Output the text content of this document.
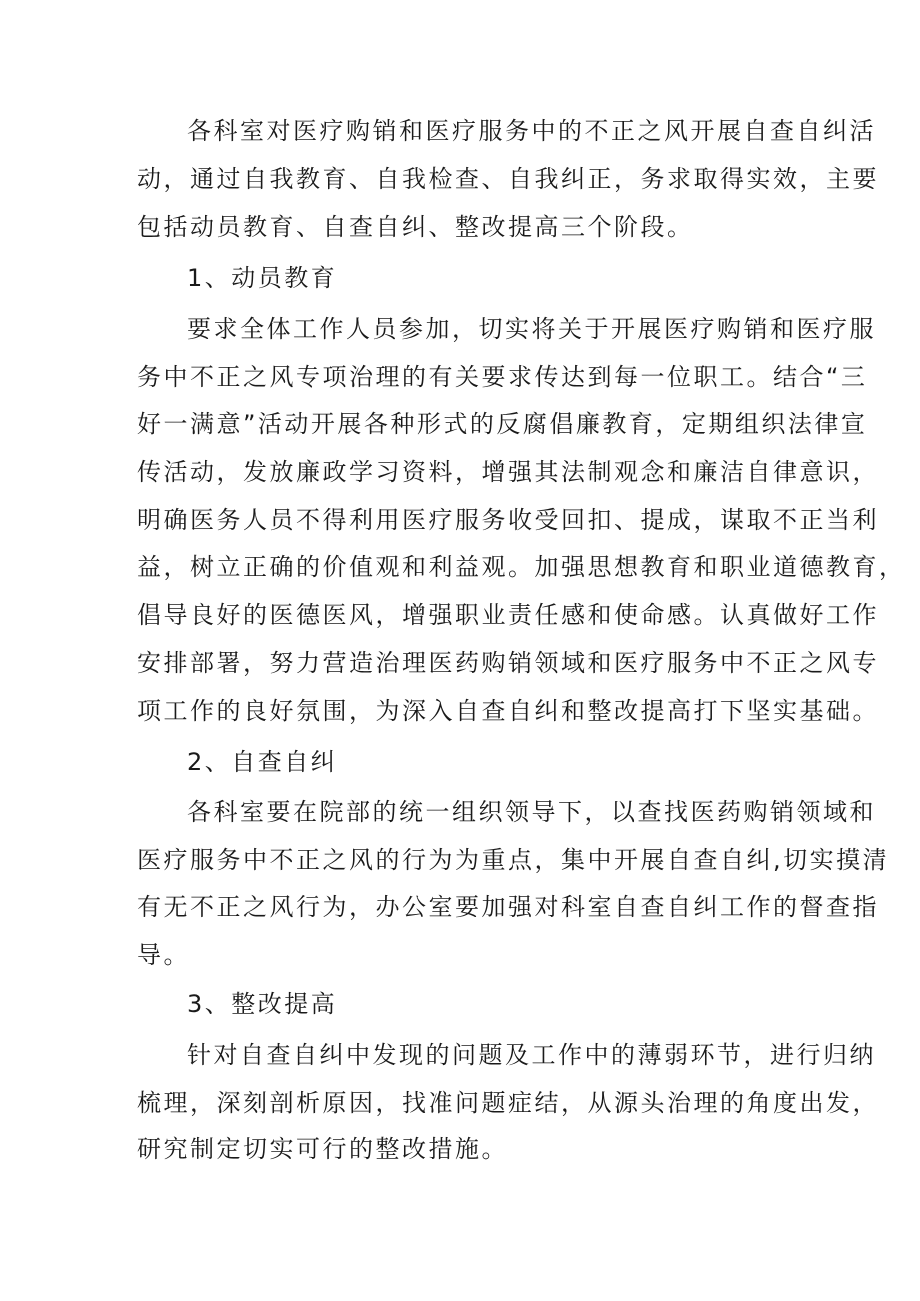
各科室对医疗购销和医疗服务中的不正之风开展自查自纠活
动，通过自我教育、自我检查、自我纠正，务求取得实效，主要
包括动员教育、自查自纠、整改提高三个阶段。
1、动员教育
要求全体工作人员参加，切实将关于开展医疗购销和医疗服
务中不正之风专项治理的有关要求传达到每一位职工。结合“三
好一满意”活动开展各种形式的反腐倡廉教育，定期组织法律宣
传活动，发放廉政学习资料，增强其法制观念和廉洁自律意识，
明确医务人员不得利用医疗服务收受回扣、提成，谋取不正当利
益，树立正确的价值观和利益观。加强思想教育和职业道德教育，
倡导良好的医德医风，增强职业责任感和使命感。认真做好工作
安排部署，努力营造治理医药购销领域和医疗服务中不正之风专
项工作的良好氛围，为深入自查自纠和整改提高打下坚实基础。
2、自查自纠
各科室要在院部的统一组织领导下，以查找医药购销领域和
医疗服务中不正之风的行为为重点，集中开展自查自纠,切实摸清
有无不正之风行为，办公室要加强对科室自查自纠工作的督查指
导。
3、整改提高
针对自查自纠中发现的问题及工作中的薄弱环节，进行归纳
梳理，深刻剖析原因，找准问题症结，从源头治理的角度出发，
研究制定切实可行的整改措施。
